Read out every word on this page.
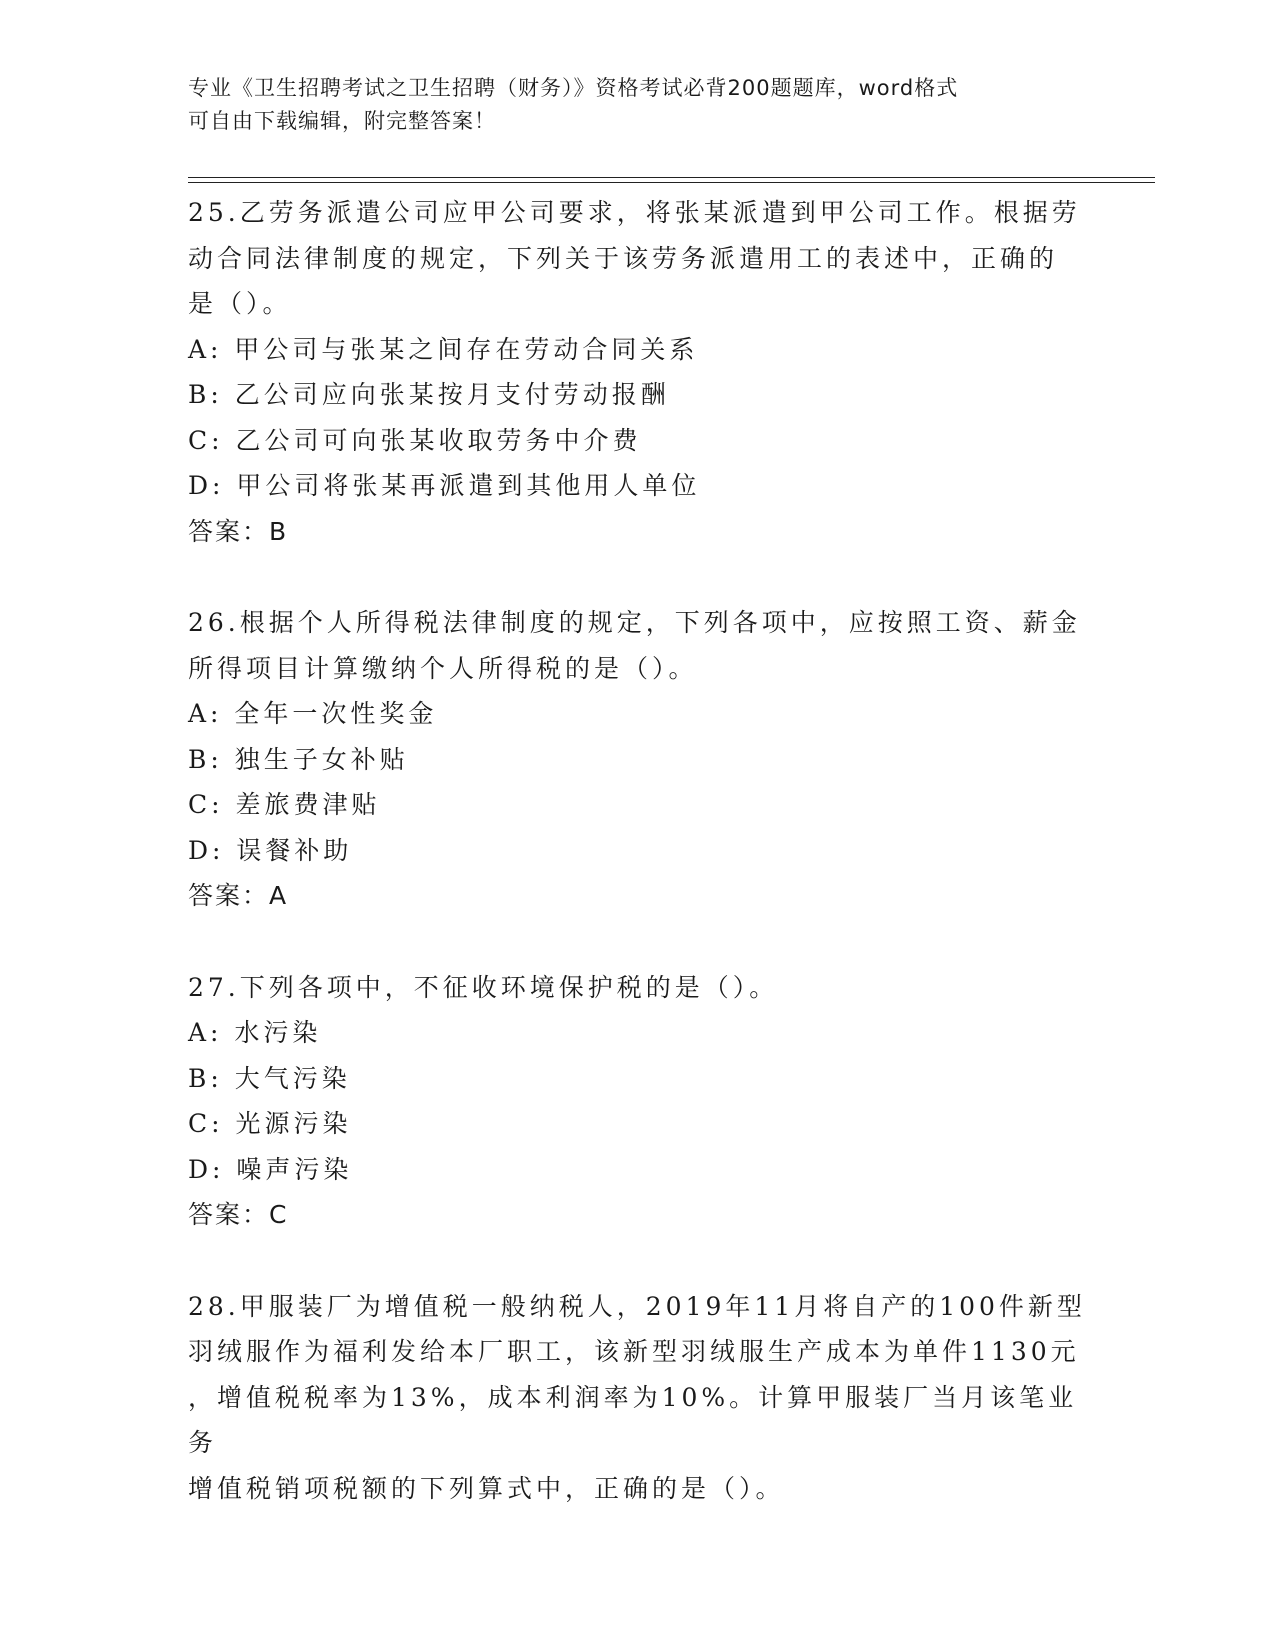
专业《卫生招聘考试之卫生招聘（财务）》资格考试必背200题题库，word格式
可自由下载编辑，附完整答案！

25.乙劳务派遣公司应甲公司要求，将张某派遣到甲公司工作。根据劳

动合同法律制度的规定，下列关于该劳务派遣用工的表述中，正确的

是（）。

A: 甲公司与张某之间存在劳动合同关系

B: 乙公司应向张某按月支付劳动报酬

C: 乙公司可向张某收取劳务中介费

D: 甲公司将张某再派遣到其他用人单位

答案：B

26.根据个人所得税法律制度的规定，下列各项中，应按照工资、薪金

所得项目计算缴纳个人所得税的是（）。

A: 全年一次性奖金

B: 独生子女补贴

C: 差旅费津贴

D: 误餐补助

答案：A

27.下列各项中，不征收环境保护税的是（）。

A: 水污染

B: 大气污染

C: 光源污染

D: 噪声污染

答案：C

28.甲服装厂为增值税一般纳税人，2019年11月将自产的100件新型

羽绒服作为福利发给本厂职工，该新型羽绒服生产成本为单件1130元

，增值税税率为13%，成本利润率为10%。计算甲服装厂当月该笔业务

增值税销项税额的下列算式中，正确的是（）。
